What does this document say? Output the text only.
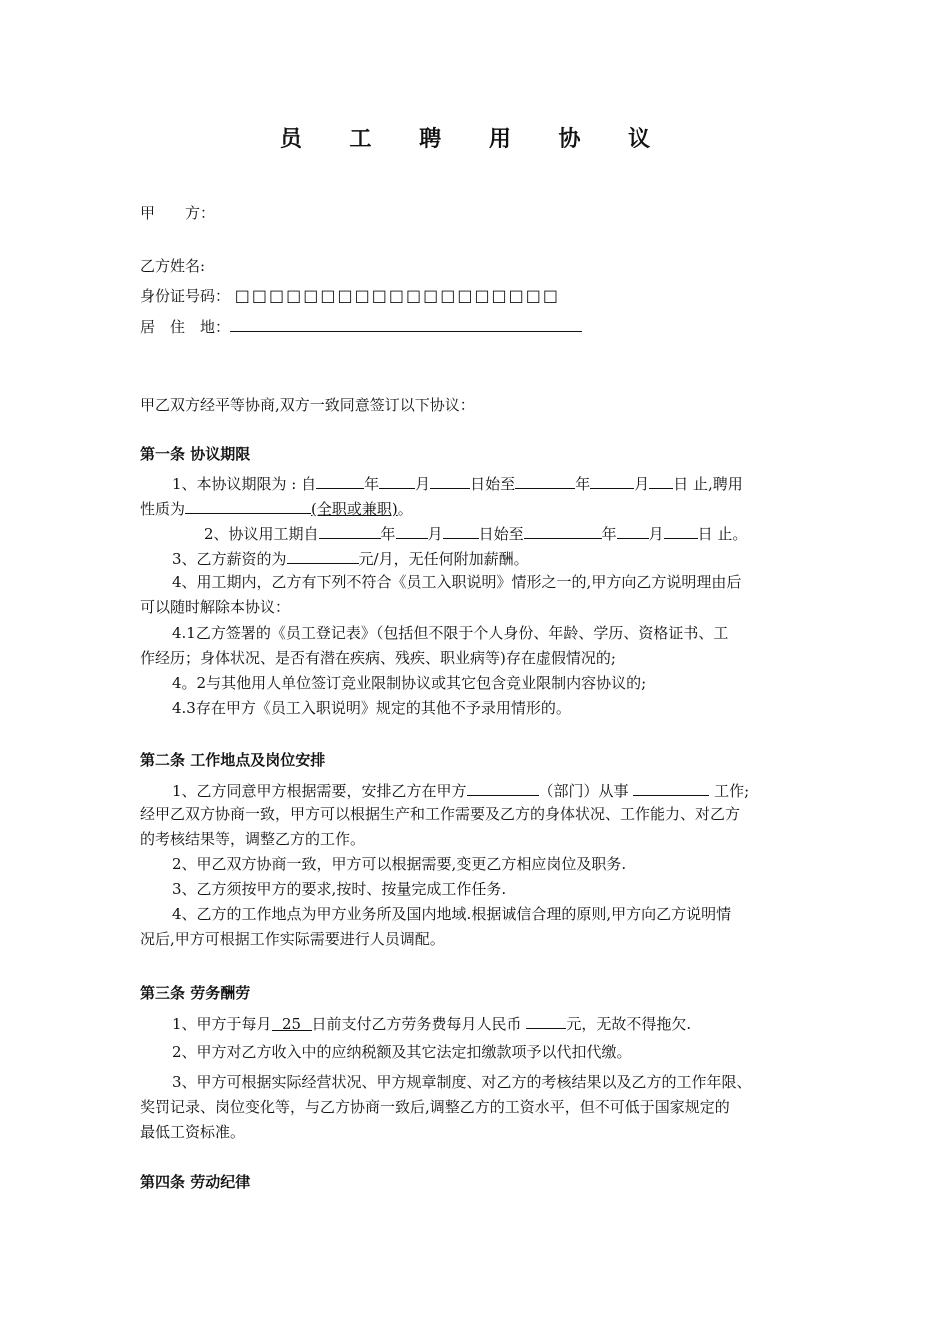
员 工 聘 用 协 议
甲　　方：
乙方姓名:
身份证号码： □□□□□□□□□□□□□□□□□□□
居　住　地：
甲乙双方经平等协商,双方一致同意签订以下协议：
第一条 协议期限
1、本协议期限为 : 自	年 月	日始至	年	月 日 止,聘用
性质为	(全职或兼职)。
2、协议用工期自	年 月 日始至	年 月 日 止。
3、乙方薪资的为	元/月，无任何附加薪酬。
4、用工期内，乙方有下列不符合《员工入职说明》情形之一的,甲方向乙方说明理由后
可以随时解除本协议：
4.1乙方签署的《员工登记表》（包括但不限于个人身份、年龄、学历、资格证书、工
作经历；身体状况、是否有潜在疾病、残疾、职业病等)存在虚假情况的;
4。2与其他用人单位签订竞业限制协议或其它包含竞业限制内容协议的;
4.3存在甲方《员工入职说明》规定的其他不予录用情形的。
第二条 工作地点及岗位安排
1、乙方同意甲方根据需要，安排乙方在甲方	（部门）从事	工作;
经甲乙双方协商一致，甲方可以根据生产和工作需要及乙方的身体状况、工作能力、对乙方
的考核结果等，调整乙方的工作。
2、甲乙双方协商一致，甲方可以根据需要,变更乙方相应岗位及职务.
3、乙方须按甲方的要求,按时、按量完成工作任务.
4、乙方的工作地点为甲方业务所及国内地域.根据诚信合理的原则,甲方向乙方说明情
况后,甲方可根据工作实际需要进行人员调配。
第三条 劳务酬劳
1、甲方于每月 25 日前支付乙方劳务费每月人民币	元，无故不得拖欠.
2、甲方对乙方收入中的应纳税额及其它法定扣缴款项予以代扣代缴。
3、甲方可根据实际经营状况、甲方规章制度、对乙方的考核结果以及乙方的工作年限、
奖罚记录、岗位变化等，与乙方协商一致后,调整乙方的工资水平，但不可低于国家规定的
最低工资标准。
第四条 劳动纪律
